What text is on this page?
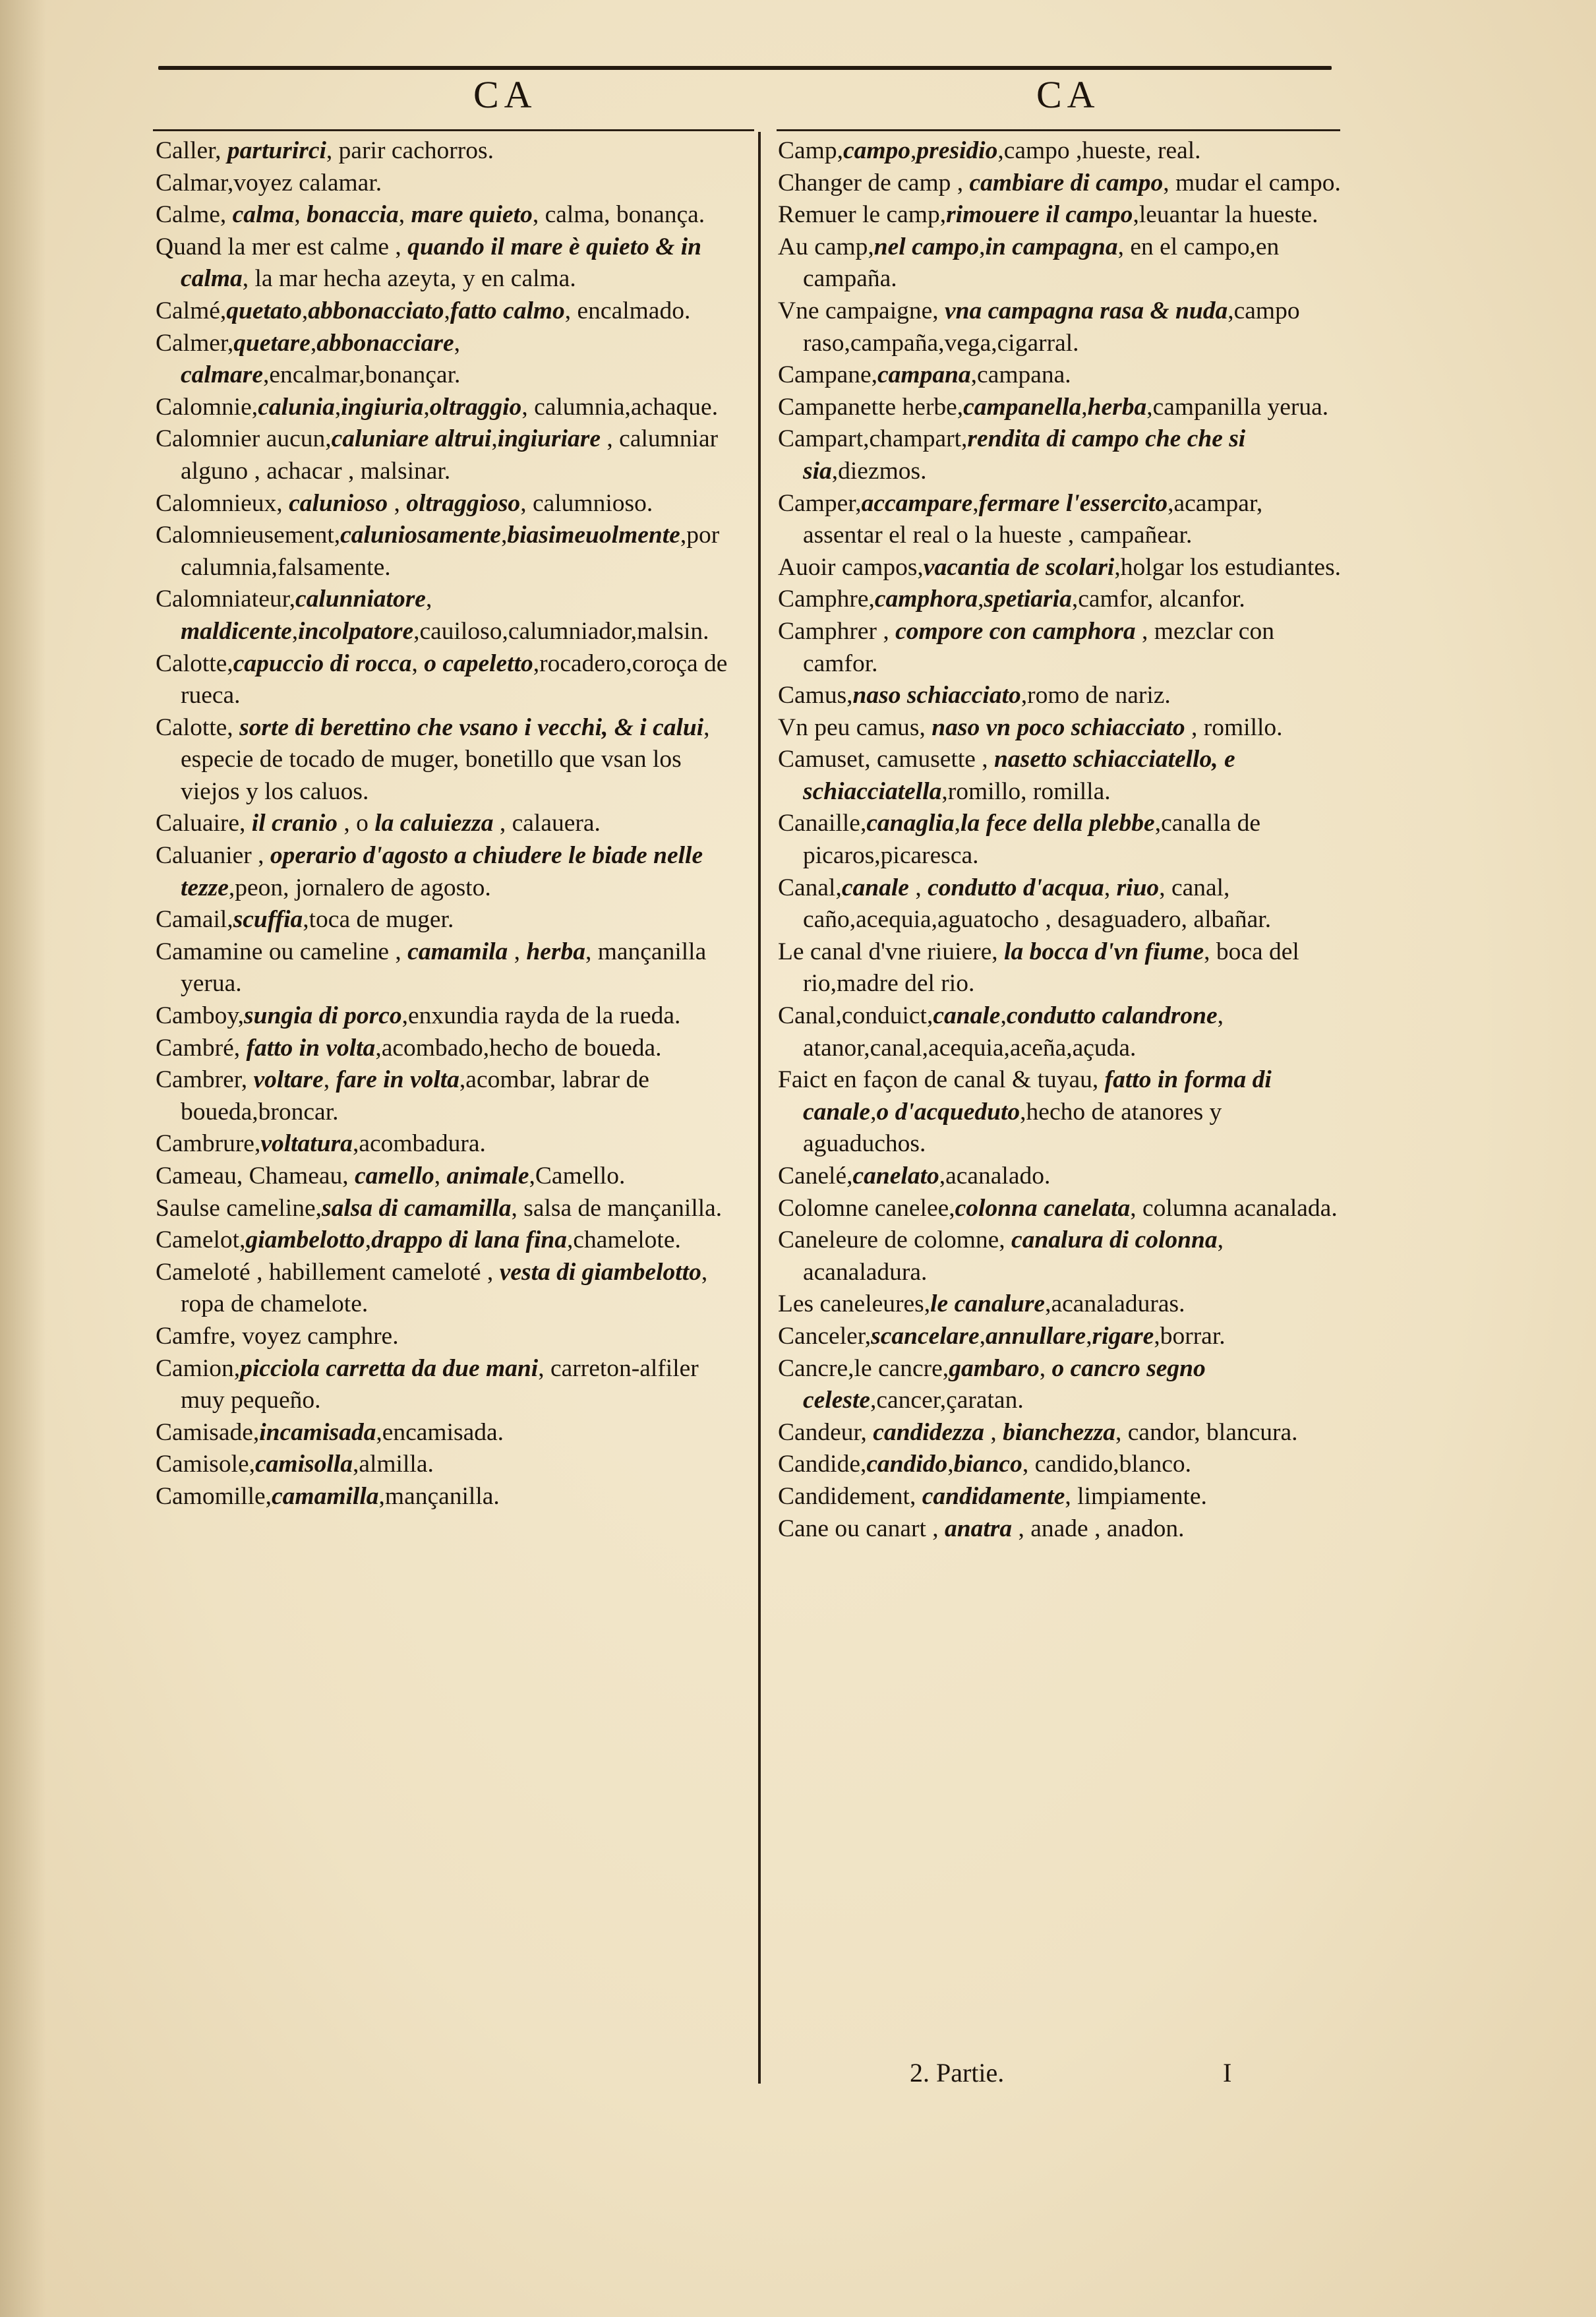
CA	CA

Caller, parturirci, parir cachorros.

Calmar,voyez calamar.

Calme, calma, bonaccia, mare quieto, calma, bonança.

Quand la mer est calme , quando il mare è quieto & in calma, la mar hecha azeyta, y en calma.

Calmé,quetato,abbonacciato,fatto calmo, encalmado.

Calmer,quetare,abbonacciare, calmare,encalmar,bonançar.

Calomnie,calunia,ingiuria,oltraggio, calumnia,achaque.

Calomnier aucun,caluniare altrui,ingiuriare , calumniar alguno , achacar , malsinar.

Calomnieux, calunioso , oltraggioso, calumnioso.

Calomnieusement,caluniosamente,biasimeuolmente,por calumnia,falsamente.

Calomniateur,calunniatore, maldicente,incolpatore,cauiloso,calumniador,malsin.

Calotte,capuccio di rocca, o capeletto,rocadero,coroça de rueca.

Calotte, sorte di berettino che vsano i vecchi, & i calui, especie de tocado de muger, bonetillo que vsan los viejos y los caluos.

Caluaire, il cranio , o la caluiezza , calauera.

Caluanier , operario d'agosto a chiudere le biade nelle tezze,peon, jornalero de agosto.

Camail,scuffia,toca de muger.

Camamine ou cameline , camamila , herba, mançanilla yerua.

Camboy,sungia di porco,enxundia rayda de la rueda.

Cambré, fatto in volta,acombado,hecho de boueda.

Cambrer, voltare, fare in volta,acombar, labrar de boueda,broncar.

Cambrure,voltatura,acombadura.

Cameau, Chameau, camello, animale,Camello.

Saulse cameline,salsa di camamilla, salsa de mançanilla.

Camelot,giambelotto,drappo di lana fina,chamelote.

Cameloté , habillement cameloté , vesta di giambelotto, ropa de chamelote.

Camfre, voyez camphre.

Camion,picciola carretta da due mani, carreton-alfiler muy pequeño.

Camisade,incamisada,encamisada.

Camisole,camisolla,almilla.

Camomille,camamilla,mançanilla.

Camp,campo,presidio,campo ,hueste, real.

Changer de camp , cambiare di campo, mudar el campo.

Remuer le camp,rimouere il campo,leuantar la hueste.

Au camp,nel campo,in campagna, en el campo,en campaña.

Vne campaigne, vna campagna rasa & nuda,campo raso,campaña,vega,cigarral.

Campane,campana,campana.

Campanette herbe,campanella,herba,campanilla yerua.

Campart,champart,rendita di campo che che si sia,diezmos.

Camper,accampare,fermare l'essercito,acampar, assentar el real o la hueste , campañear.

Auoir campos,vacantia de scolari,holgar los estudiantes.

Camphre,camphora,spetiaria,camfor, alcanfor.

Camphrer , compore con camphora , mezclar con camfor.

Camus,naso schiacciato,romo de nariz.

Vn peu camus, naso vn poco schiacciato , romillo.

Camuset, camusette , nasetto schiacciatello, e schiacciatella,romillo, romilla.

Canaille,canaglia,la fece della plebbe,canalla de picaros,picaresca.

Canal,canale , condutto d'acqua, riuo, canal, caño,acequia,aguatocho , desaguadero, albañar.

Le canal d'vne riuiere, la bocca d'vn fiume, boca del rio,madre del rio.

Canal,conduict,canale,condutto calandrone, atanor,canal,acequia,aceña,açuda.

Faict en façon de canal & tuyau, fatto in forma di canale,o d'acqueduto,hecho de atanores y aguaduchos.

Canelé,canelato,acanalado.

Colomne canelee,colonna canelata, columna acanalada.

Caneleure de colomne, canalura di colonna, acanaladura.

Les caneleures,le canalure,acanaladuras.

Canceler,scancelare,annullare,rigare,borrar.

Cancre,le cancre,gambaro, o cancro segno celeste,cancer,çaratan.

Candeur, candidezza , bianchezza, candor, blancura.

Candide,candido,bianco, candido,blanco.

Candidement, candidamente, limpiamente.

Cane ou canart , anatra , anade , anadon.

2. Partie.	I
